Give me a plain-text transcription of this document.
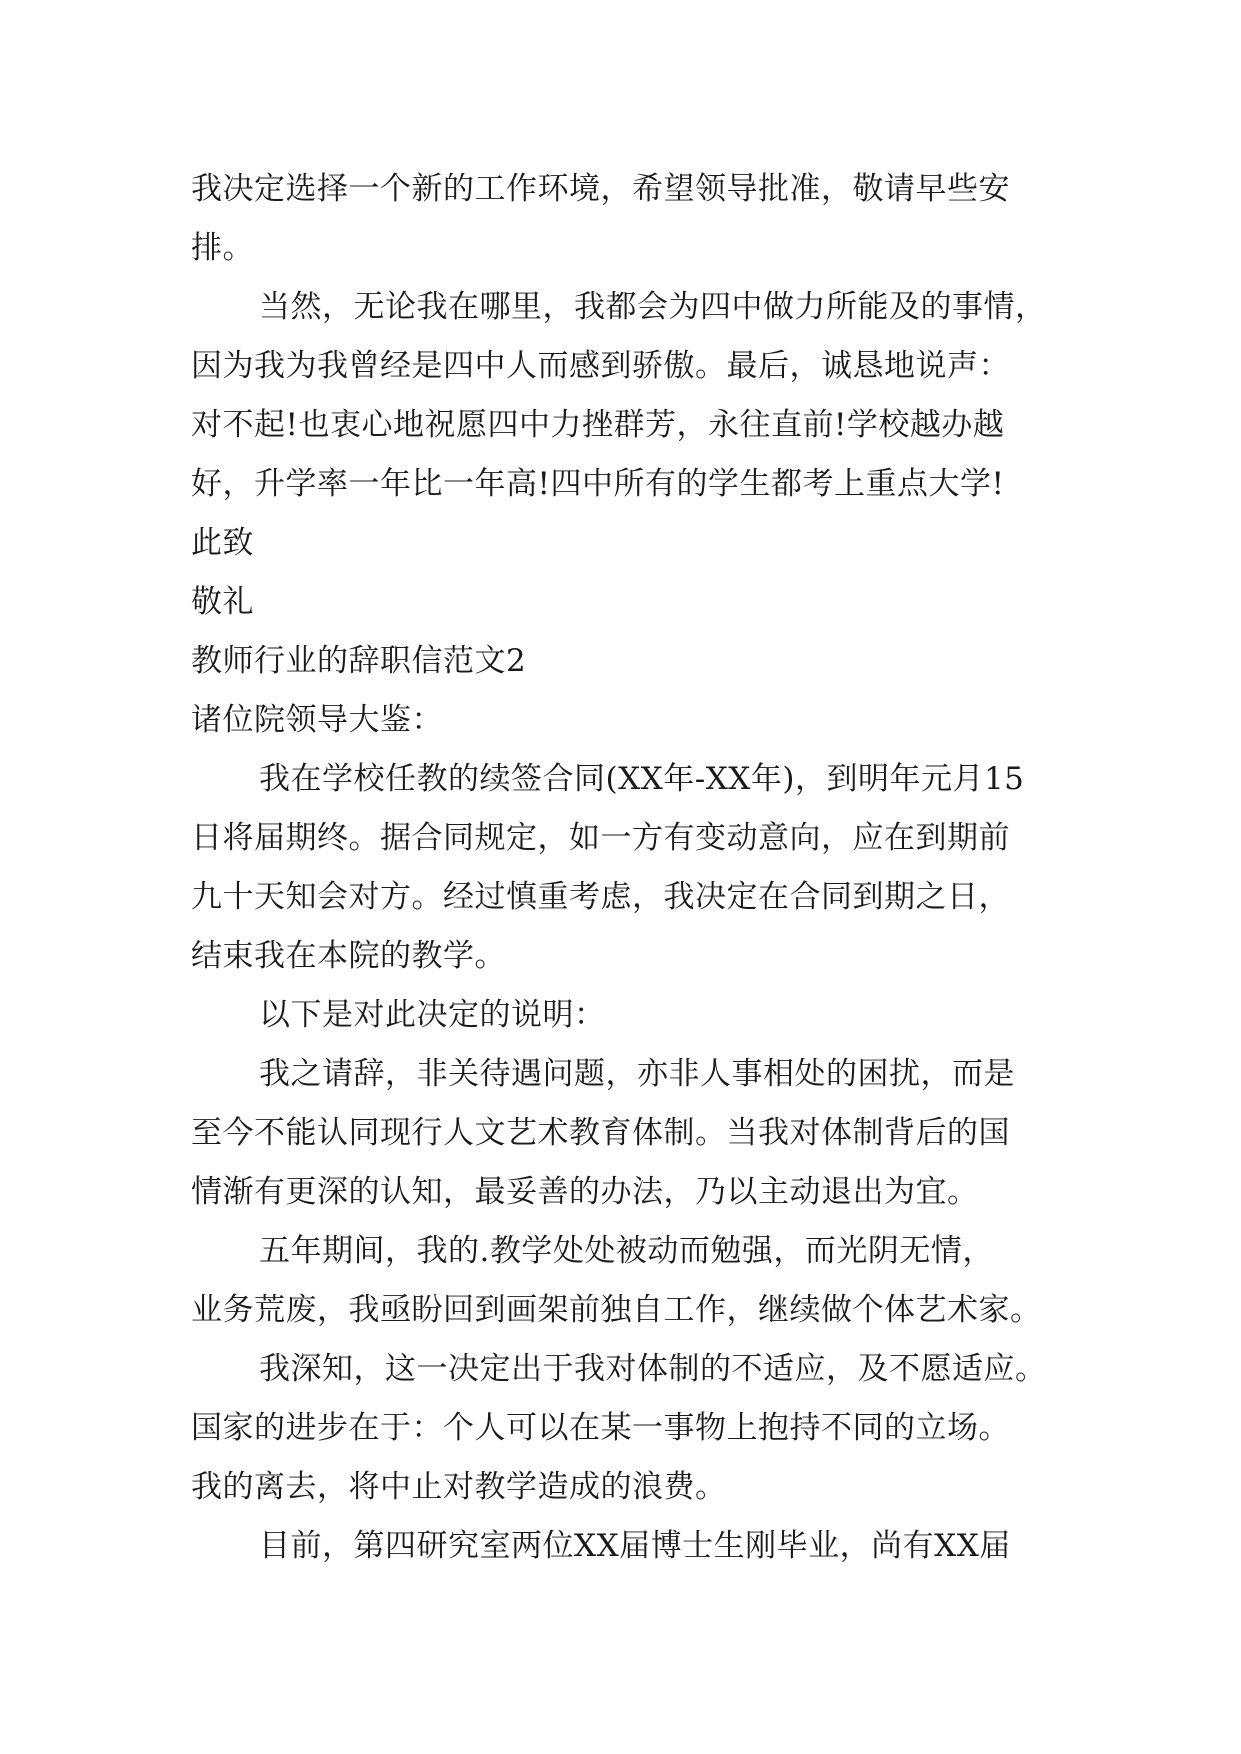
我决定选择一个新的工作环境，希望领导批准，敬请早些安
排。
当然，无论我在哪里，我都会为四中做力所能及的事情，
因为我为我曾经是四中人而感到骄傲。最后，诚恳地说声：
对不起!也衷心地祝愿四中力挫群芳，永往直前!学校越办越
好，升学率一年比一年高!四中所有的学生都考上重点大学!
此致
敬礼
教师行业的辞职信范文2
诸位院领导大鉴：
我在学校任教的续签合同(XX年-XX年)，到明年元月15
日将届期终。据合同规定，如一方有变动意向，应在到期前
九十天知会对方。经过慎重考虑，我决定在合同到期之日，
结束我在本院的教学。
以下是对此决定的说明：
我之请辞，非关待遇问题，亦非人事相处的困扰，而是
至今不能认同现行人文艺术教育体制。当我对体制背后的国
情渐有更深的认知，最妥善的办法，乃以主动退出为宜。
五年期间，我的.教学处处被动而勉强，而光阴无情，
业务荒废，我亟盼回到画架前独自工作，继续做个体艺术家。
我深知，这一决定出于我对体制的不适应，及不愿适应。
国家的进步在于：个人可以在某一事物上抱持不同的立场。
我的离去，将中止对教学造成的浪费。
目前，第四研究室两位XX届博士生刚毕业，尚有XX届
